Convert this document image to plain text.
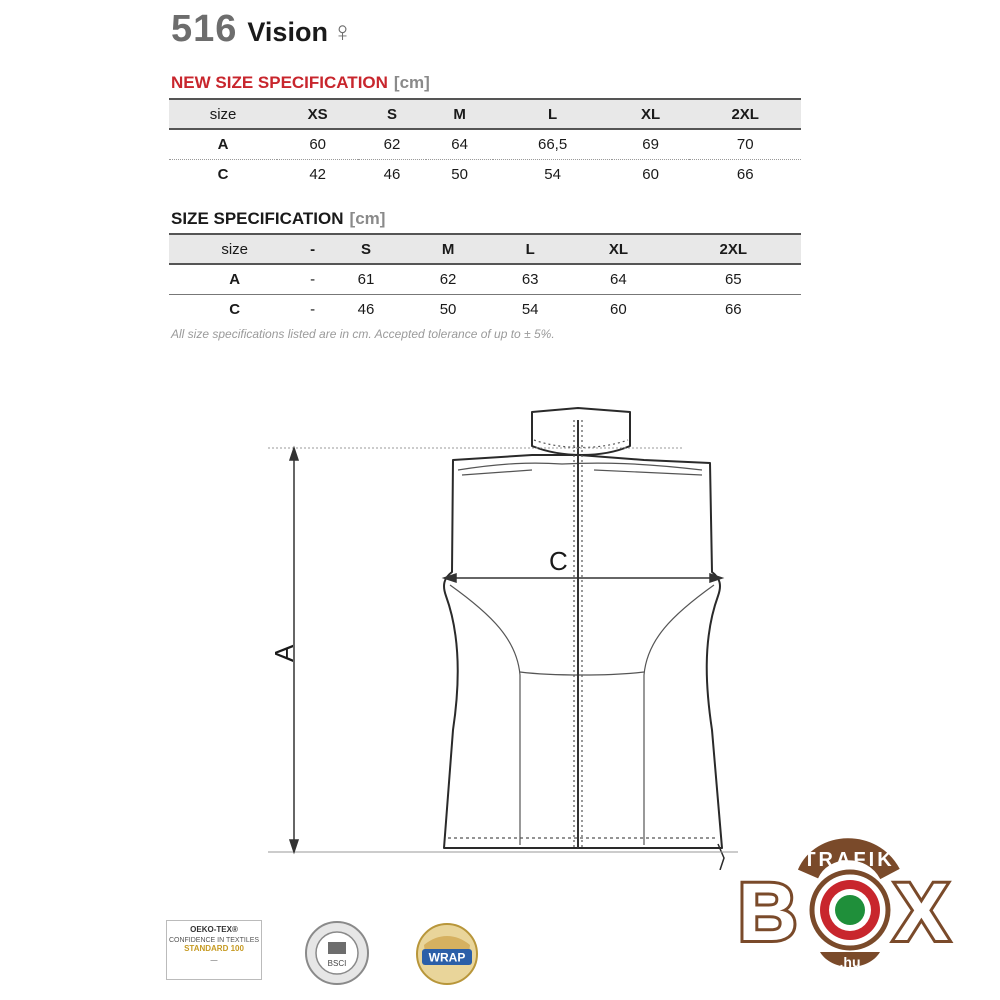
516 Vision ♀
NEW SIZE SPECIFICATION [cm]
size	XS	S	M	L	XL	2XL
A	60	62	64	66,5	69	70
C	42	46	50	54	60	66
SIZE SPECIFICATION [cm]
size	-	S	M	L	XL	2XL
A	-	61	62	63	64	65
C	-	46	50	54	60	66
All size specifications listed are in cm. Accepted tolerance of up to ± 5%.
C
A
OEKO-TEX®
CONFIDENCE IN TEXTILES
STANDARD 100
—	BSCI	WRAP
TRAFIK
B X
.hu
